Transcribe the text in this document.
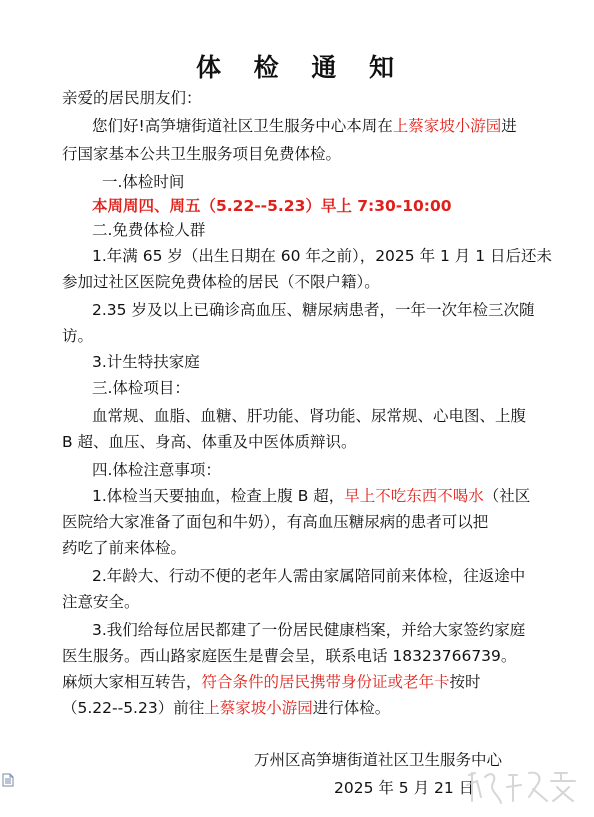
体 检 通 知
亲爱的居民朋友们：
您们好!高笋塘街道社区卫生服务中心本周在上蔡家坡小游园进
行国家基本公共卫生服务项目免费体检。
一.体检时间
本周周四、周五（5.22--5.23）早上 7:30-10:00
二.免费体检人群
1.年满 65 岁（出生日期在 60 年之前），2025 年 1 月 1 日后还未
参加过社区医院免费体检的居民（不限户籍）。
2.35 岁及以上已确诊高血压、糖尿病患者，一年一次年检三次随
访。
3.计生特扶家庭
三.体检项目：
血常规、血脂、血糖、肝功能、肾功能、尿常规、心电图、上腹
B 超、血压、身高、体重及中医体质辩识。
四.体检注意事项：
1.体检当天要抽血，检查上腹 B 超，早上不吃东西不喝水（社区
医院给大家准备了面包和牛奶），有高血压糖尿病的患者可以把
药吃了前来体检。
2.年龄大、行动不便的老年人需由家属陪同前来体检，往返途中
注意安全。
3.我们给每位居民都建了一份居民健康档案，并给大家签约家庭
医生服务。西山路家庭医生是曹会呈，联系电话 18323766739。
麻烦大家相互转告，符合条件的居民携带身份证或老年卡按时
（5.22--5.23）前往上蔡家坡小游园进行体检。
万州区高笋塘街道社区卫生服务中心
2025 年 5 月 21 日
